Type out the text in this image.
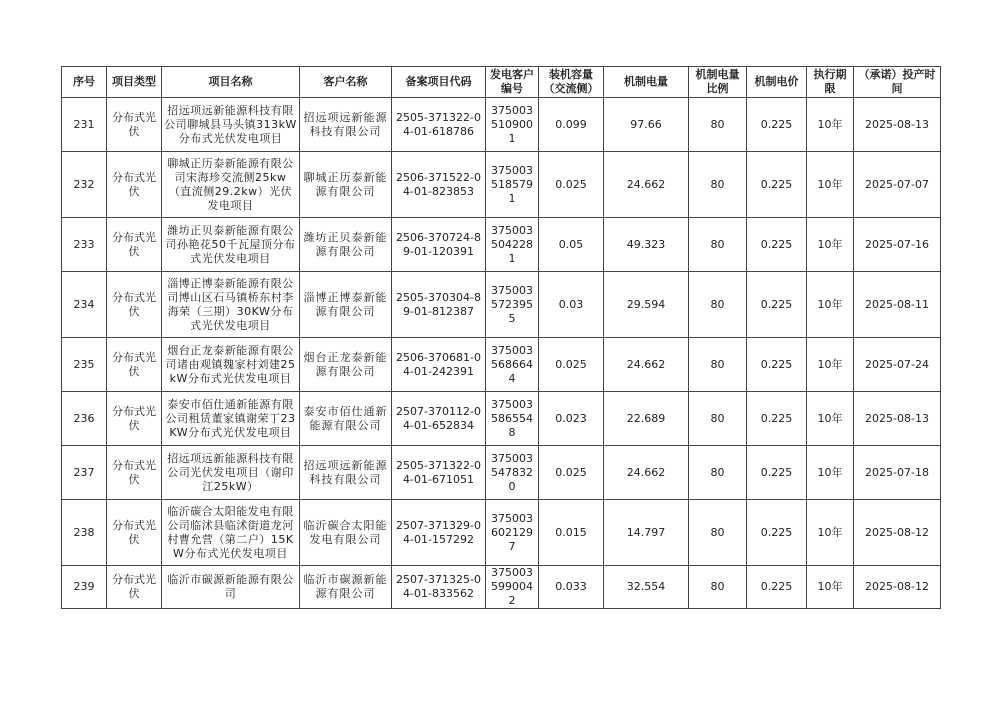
序号	项目类型	项目名称	客户名称	备案项目代码	发电客户编号	装机容量（交流侧）	机制电量	机制电量比例	机制电价	执行期限	（承诺）投产时间
231	分布式光伏	招远项远新能源科技有限公司聊城县马头镇313kW分布式光伏发电项目	招远项远新能源科技有限公司	2505-371322-04-01-618786	3750035109001	0.099	97.66	80	0.225	10年	2025-08-13
232	分布式光伏	聊城正历泰新能源有限公司宋海珍交流侧25kw（直流侧29.2kw）光伏发电项目	聊城正历泰新能源有限公司	2506-371522-04-01-823853	3750035185791	0.025	24.662	80	0.225	10年	2025-07-07
233	分布式光伏	潍坊正贝泰新能源有限公司孙艳花50千瓦屋顶分布式光伏发电项目	潍坊正贝泰新能源有限公司	2506-370724-89-01-120391	3750035042281	0.05	49.323	80	0.225	10年	2025-07-16
234	分布式光伏	淄博正博泰新能源有限公司博山区石马镇桥东村李海荣（三期）30KW分布式光伏发电项目	淄博正博泰新能源有限公司	2505-370304-89-01-812387	3750035723955	0.03	29.594	80	0.225	10年	2025-08-11
235	分布式光伏	烟台正龙泰新能源有限公司诸由观镇魏家村刘建25kW分布式光伏发电项目	烟台正龙泰新能源有限公司	2506-370681-04-01-242391	3750035686644	0.025	24.662	80	0.225	10年	2025-07-24
236	分布式光伏	泰安市佰仕通新能源有限公司租赁董家镇谢荣丁23KW分布式光伏发电项目	泰安市佰仕通新能源有限公司	2507-370112-04-01-652834	3750035865548	0.023	22.689	80	0.225	10年	2025-08-13
237	分布式光伏	招远项远新能源科技有限公司光伏发电项目（谢印江25kW）	招远项远新能源科技有限公司	2505-371322-04-01-671051	3750035478320	0.025	24.662	80	0.225	10年	2025-07-18
238	分布式光伏	临沂碳合太阳能发电有限公司临沭县临沭街道龙河村曹允营（第二户）15KW分布式光伏发电项目	临沂碳合太阳能发电有限公司	2507-371329-04-01-157292	3750036021297	0.015	14.797	80	0.225	10年	2025-08-12
239	分布式光伏	临沂市碳源新能源有限公司	临沂市碳源新能源有限公司	2507-371325-04-01-833562	3750035990042	0.033	32.554	80	0.225	10年	2025-08-12
